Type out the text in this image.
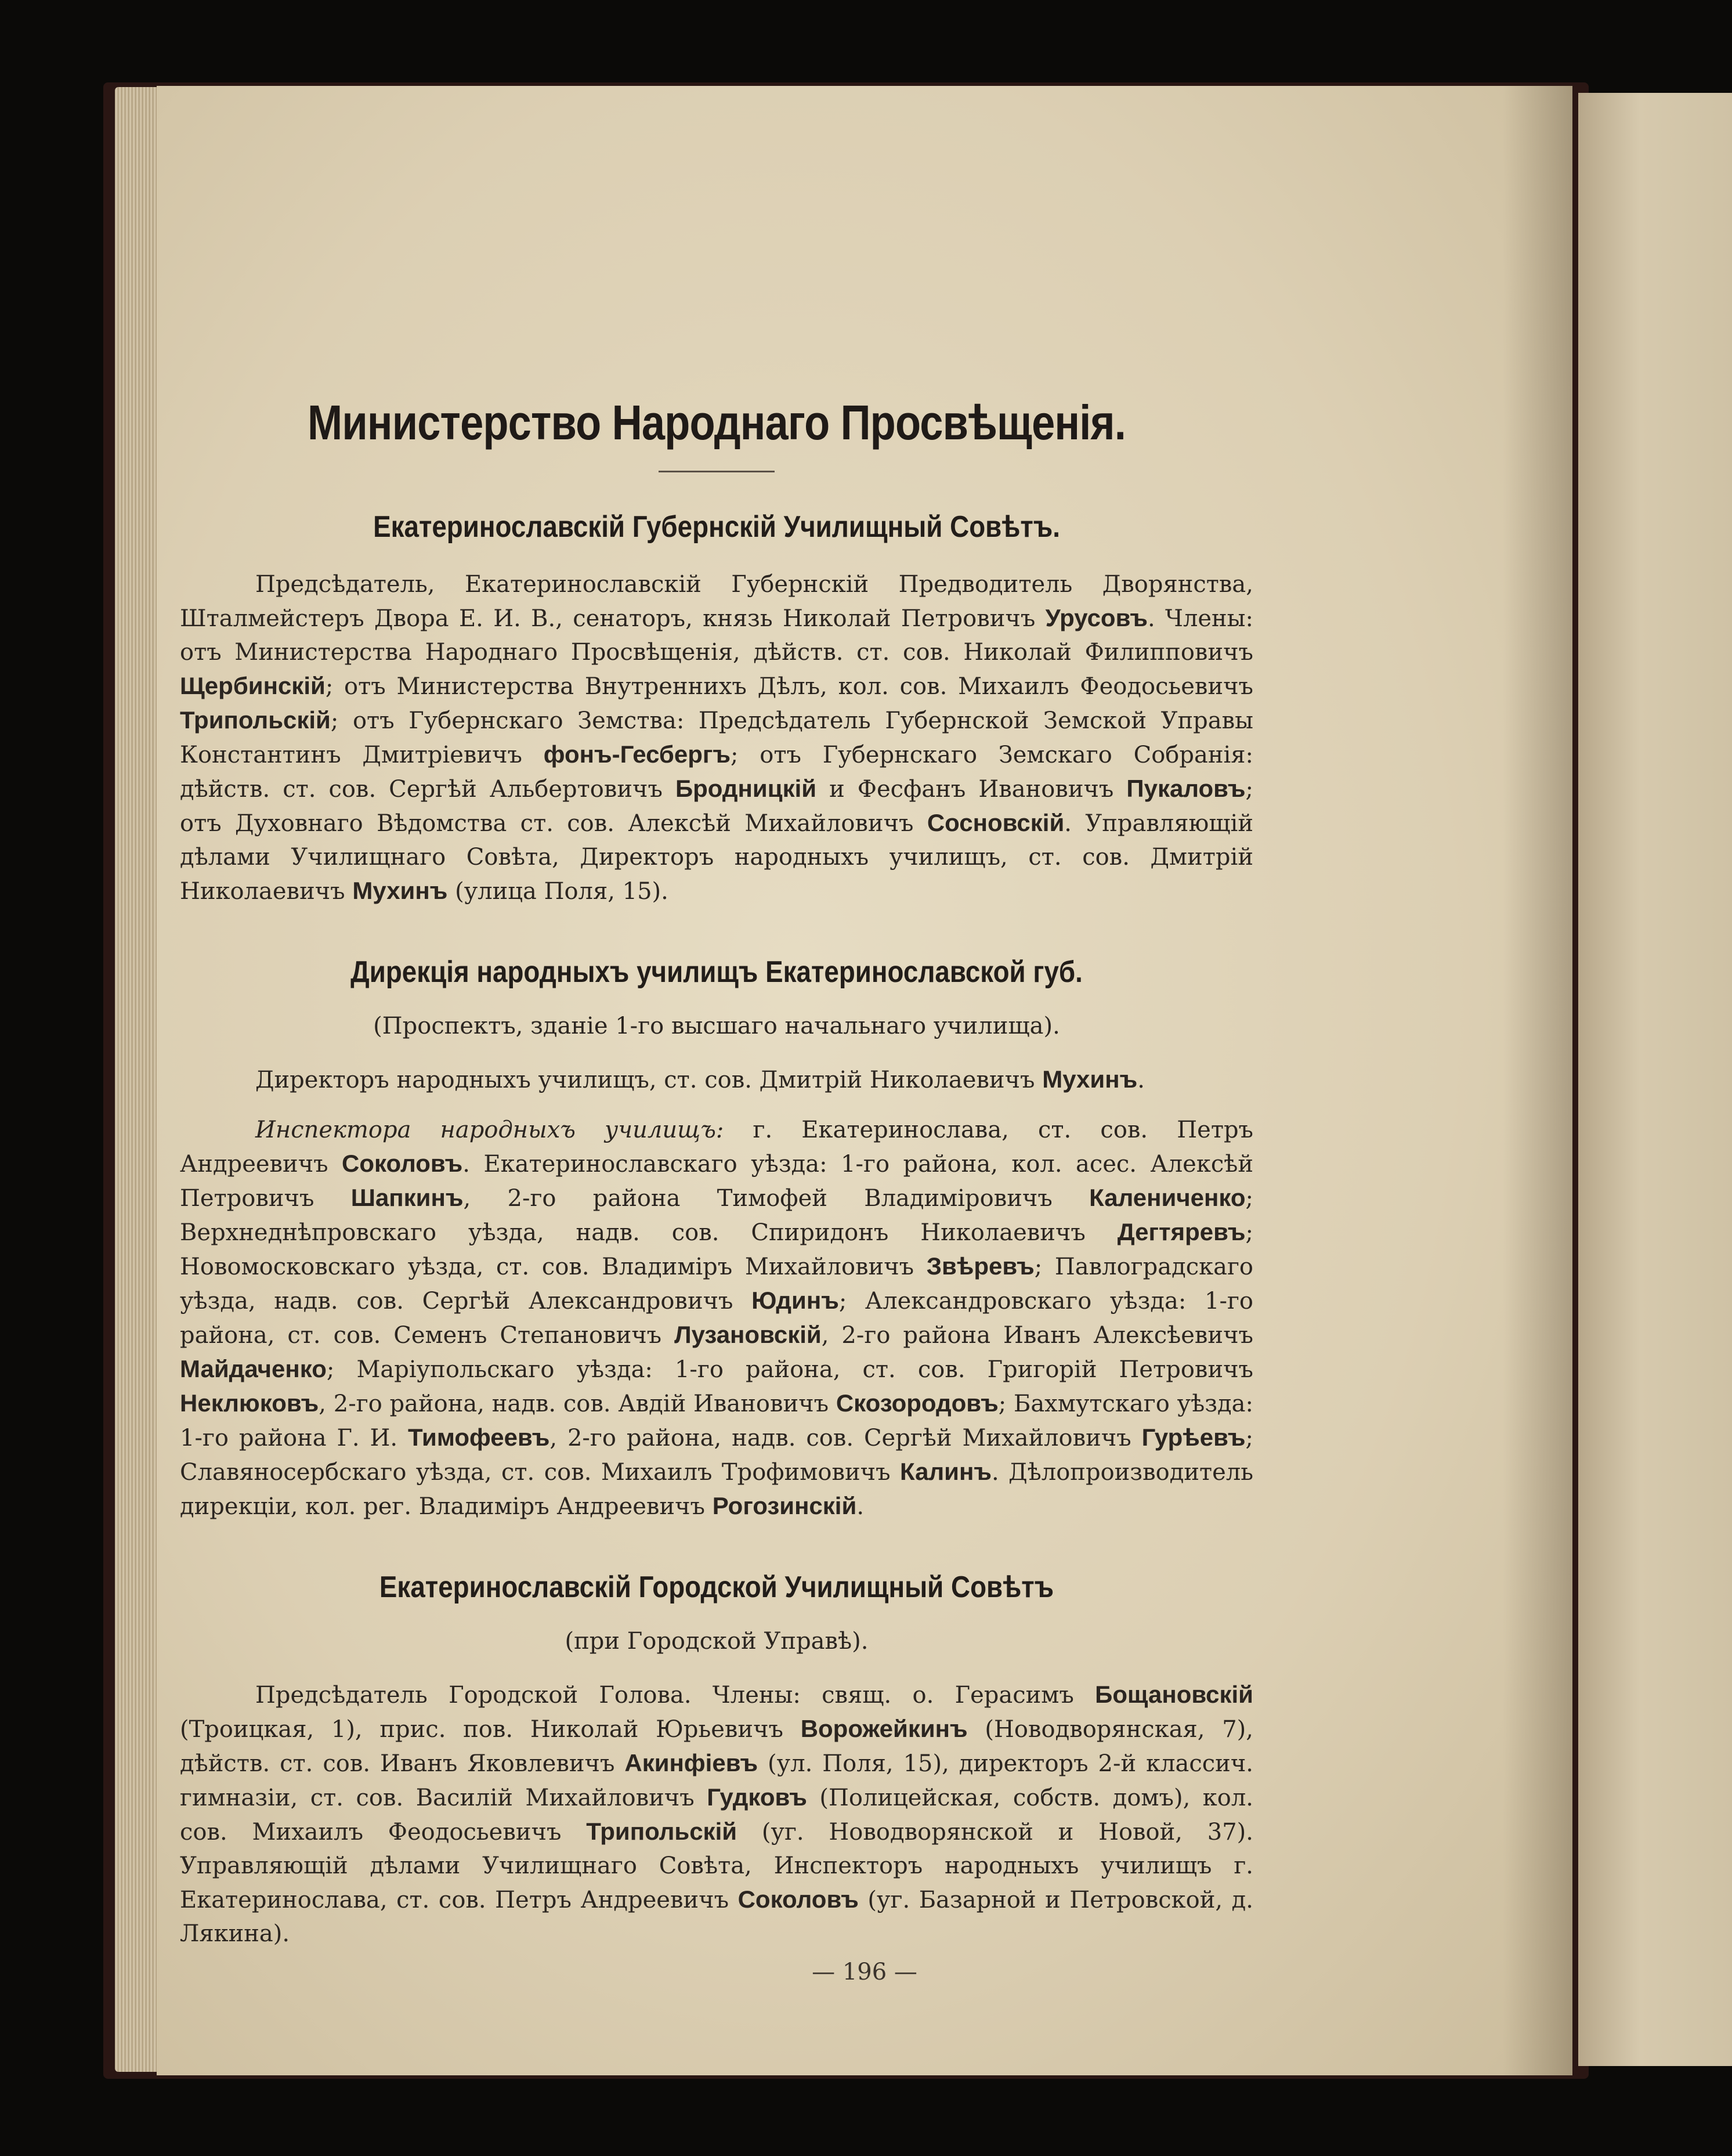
Министерство Народнаго Просвѣщенія.
Екатеринославскій Губернскій Училищный Совѣтъ.

Предсѣдатель, Екатеринославскій Губернскій Предводитель Дворянства, Шталмейстеръ Двора Е. И. В., сенаторъ, князь Николай Петровичъ Урусовъ. Члены: отъ Министерства Народнаго Просвѣщенія, дѣйств. ст. сов. Николай Филипповичъ Щербинскій; отъ Министерства Внутреннихъ Дѣлъ, кол. сов. Михаилъ Феодосьевичъ Трипольскій; отъ Губернскаго Земства: Предсѣдатель Губернской Земской Управы Константинъ Дмитріевичъ фонъ-Гесбергъ; отъ Губернскаго Земскаго Собранія: дѣйств. ст. сов. Сергѣй Альбертовичъ Бродницкій и Фесфанъ Ивановичъ Пукаловъ; отъ Духовнаго Вѣдомства ст. сов. Алексѣй Михайловичъ Сосновскій. Управляющій дѣлами Училищнаго Совѣта, Директоръ народныхъ училищъ, ст. сов. Дмитрій Николаевичъ Мухинъ (улица Поля, 15).

Дирекція народныхъ училищъ Екатеринославской губ.
(Проспектъ, зданіе 1-го высшаго начальнаго училища).

Директоръ народныхъ училищъ, ст. сов. Дмитрій Николаевичъ Мухинъ.

Инспектора народныхъ училищъ: г. Екатеринослава, ст. сов. Петръ Андреевичъ Соколовъ. Екатеринославскаго уѣзда: 1-го района, кол. асес. Алексѣй Петровичъ Шапкинъ, 2-го района Тимофей Владиміровичъ Калениченко; Верхнеднѣпровскаго уѣзда, надв. сов. Спиридонъ Николаевичъ Дегтяревъ; Новомосковскаго уѣзда, ст. сов. Владиміръ Михайловичъ Звѣревъ; Павлоградскаго уѣзда, надв. сов. Сергѣй Александровичъ Юдинъ; Александровскаго уѣзда: 1-го района, ст. сов. Семенъ Степановичъ Лузановскій, 2-го района Иванъ Алексѣевичъ Майдаченко; Маріупольскаго уѣзда: 1-го района, ст. сов. Григорій Петровичъ Неклюковъ, 2-го района, надв. сов. Авдій Ивановичъ Скозородовъ; Бахмутскаго уѣзда: 1-го района Г. И. Тимофеевъ, 2-го района, надв. сов. Сергѣй Михайловичъ Гурѣевъ; Славяносербскаго уѣзда, ст. сов. Михаилъ Трофимовичъ Калинъ. Дѣлопроизводитель дирекціи, кол. рег. Владиміръ Андреевичъ Рогозинскій.

Екатеринославскій Городской Училищный Совѣтъ
(при Городской Управѣ).

Предсѣдатель Городской Голова. Члены: свящ. о. Герасимъ Бощановскій (Троицкая, 1), прис. пов. Николай Юрьевичъ Ворожейкинъ (Новодворянская, 7), дѣйств. ст. сов. Иванъ Яковлевичъ Акинфіевъ (ул. Поля, 15), директоръ 2-й классич. гимназіи, ст. сов. Василій Михайловичъ Гудковъ (Полицейская, собств. домъ), кол. сов. Михаилъ Феодосьевичъ Трипольскій (уг. Новодворянской и Новой, 37). Управляющій дѣлами Училищнаго Совѣта, Инспекторъ народныхъ училищъ г. Екатеринослава, ст. сов. Петръ Андреевичъ Соколовъ (уг. Базарной и Петровской, д. Лякина).

— 196 —
